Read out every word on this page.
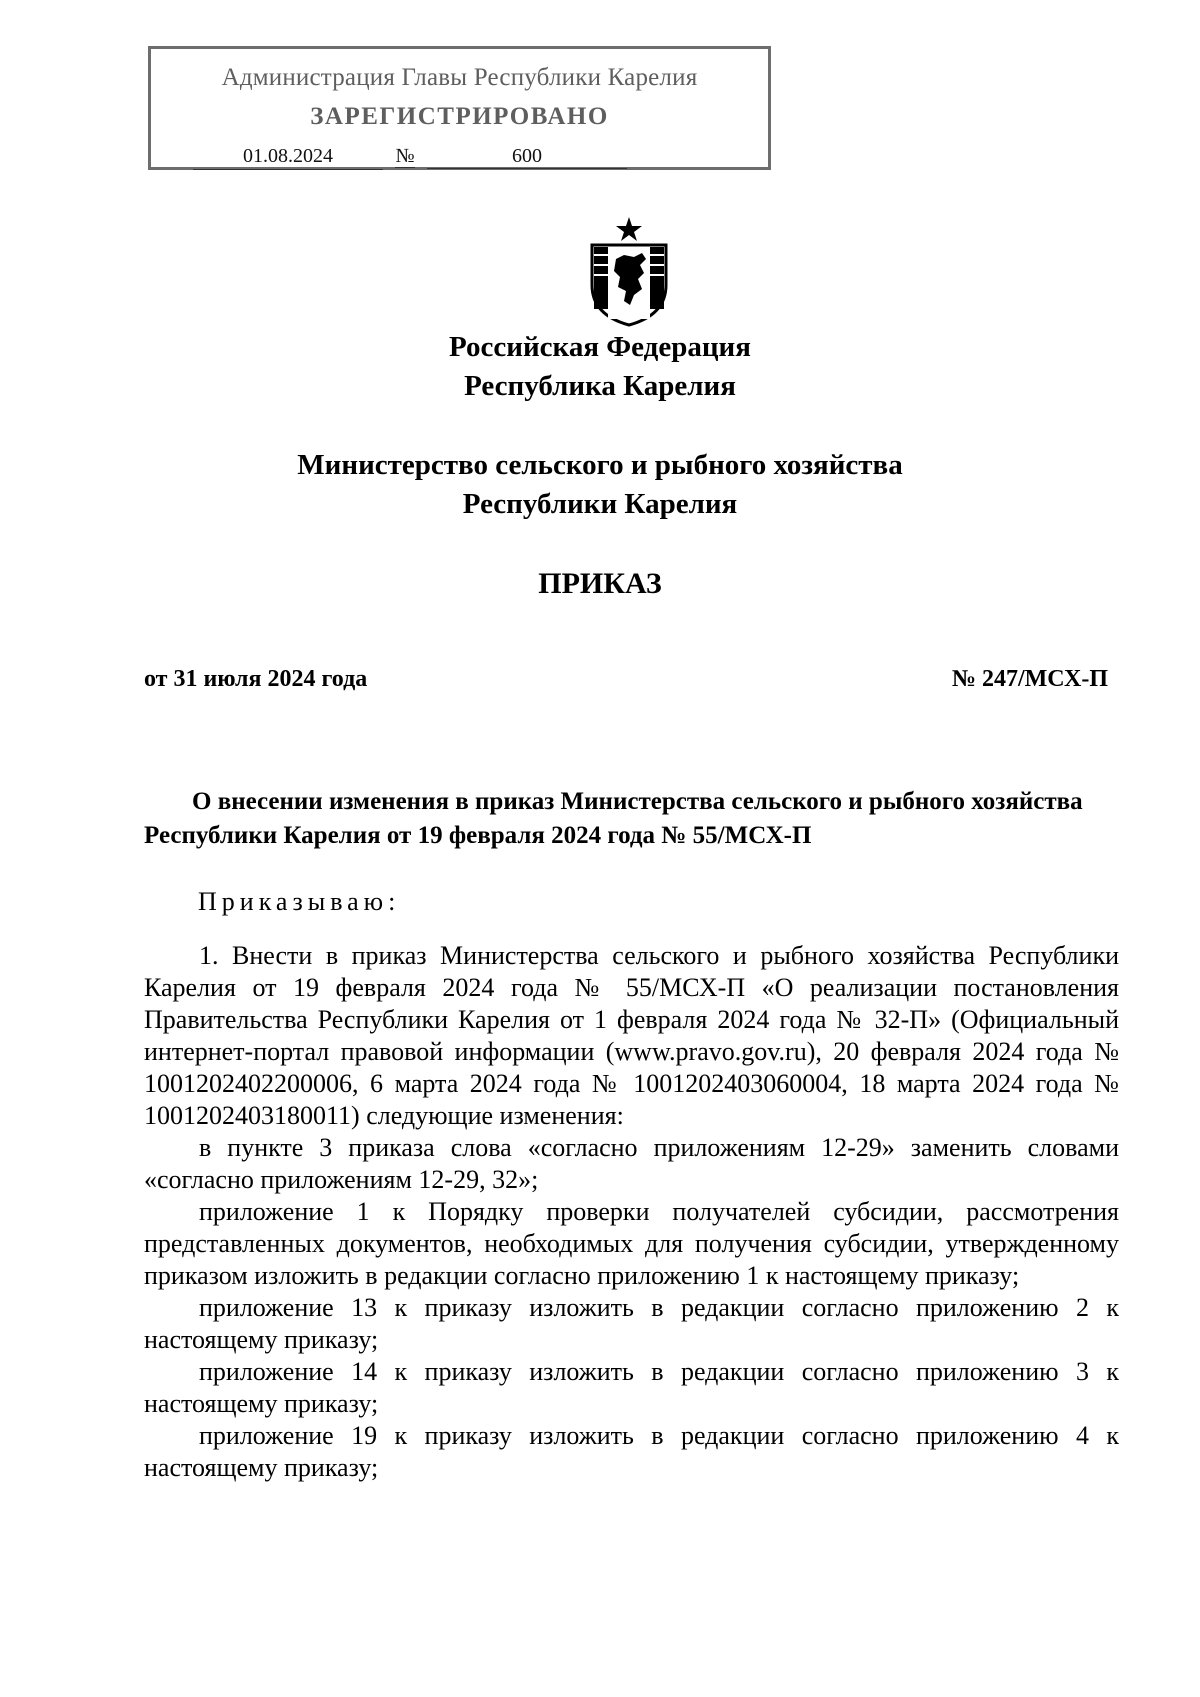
Администрация Главы Республики Карелия
ЗАРЕГИСТРИРОВАНО
01.08.2024	№	600
Российская Федерация
Республика Карелия
Министерство сельского и рыбного хозяйства
Республики Карелия
ПРИКАЗ
от 31 июля 2024 года	№ 247/МСХ-П
О внесении изменения в приказ Министерства сельского и рыбного хозяйства Республики Карелия от 19 февраля 2024 года № 55/МСХ-П
Приказываю:

1. Внести в приказ Министерства сельского и рыбного хозяйства Республики Карелия от 19 февраля 2024 года № 55/МСХ-П «О реализации постановления Правительства Республики Карелия от 1 февраля 2024 года № 32-П» (Официальный интернет-портал правовой информации (www.pravo.gov.ru), 20 февраля 2024 года № 1001202402200006, 6 марта 2024 года № 1001202403060004, 18 марта 2024 года № 1001202403180011) следующие изменения:

в пункте 3 приказа слова «согласно приложениям 12-29» заменить словами «согласно приложениям 12-29, 32»;

приложение 1 к Порядку проверки получателей субсидии, рассмотрения представленных документов, необходимых для получения субсидии, утвержденному приказом изложить в редакции согласно приложению 1 к настоящему приказу;

приложение 13 к приказу изложить в редакции согласно приложению 2 к настоящему приказу;

приложение 14 к приказу изложить в редакции согласно приложению 3 к настоящему приказу;

приложение 19 к приказу изложить в редакции согласно приложению 4 к настоящему приказу;
